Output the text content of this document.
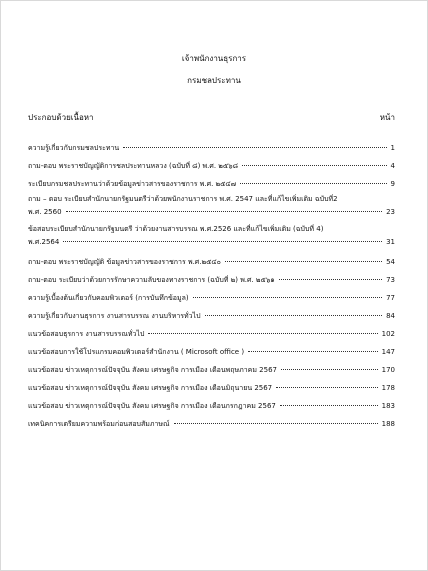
เจ้าพนักงานธุรการ
กรมชลประทาน
ประกอบด้วยเนื้อหา	หน้า
ความรู้เกี่ยวกับกรมชลประทาน	1
ถาม-ตอบ พระราชบัญญัติการชลประทานหลวง (ฉบับที่ ๘) พ.ศ. ๒๕๖๘	4
ระเบียบกรมชลประทานว่าด้วยข้อมูลข่าวสารของราชการ พ.ศ. ๒๕๔๗	9
ถาม – ตอบ ระเบียบสำนักนายกรัฐมนตรีว่าด้วยพนักงานราชการ พ.ศ. 2547 และที่แก้ไขเพิ่มเติม ฉบับที่2
พ.ศ. 2560	23
ข้อสอบระเบียบสำนักนายกรัฐมนตรี ว่าด้วยงานสารบรรณ พ.ศ.2526 และที่แก้ไขเพิ่มเติม (ฉบับที่ 4)
พ.ศ.2564	31
ถาม-ตอบ พระราชบัญญัติ ข้อมูลข่าวสารของราชการ พ.ศ.๒๕๔๐	54
ถาม-ตอบ ระเบียบว่าด้วยการรักษาความลับของทางราชการ (ฉบับที่ ๒) พ.ศ. ๒๕๖๑	73
ความรู้เบื้องต้นเกี่ยวกับคอมพิวเตอร์ (การบันทึกข้อมูล)	77
ความรู้เกี่ยวกับงานธุรการ งานสารบรรณ งานบริหารทั่วไป	84
แนวข้อสอบธุรการ งานสารบรรณทั่วไป	102
แนวข้อสอบการใช้โปรแกรมคอมพิวเตอร์สำนักงาน ( Microsoft office )	147
แนวข้อสอบ ข่าวเหตุการณ์ปัจจุบัน สังคม เศรษฐกิจ การเมือง เดือนพฤษภาคม 2567	170
แนวข้อสอบ ข่าวเหตุการณ์ปัจจุบัน สังคม เศรษฐกิจ การเมือง เดือนมิถุนายน 2567	178
แนวข้อสอบ ข่าวเหตุการณ์ปัจจุบัน สังคม เศรษฐกิจ การเมือง เดือนกรกฎาคม 2567	183
เทคนิคการเตรียมความพร้อมก่อนสอบสัมภาษณ์	188
